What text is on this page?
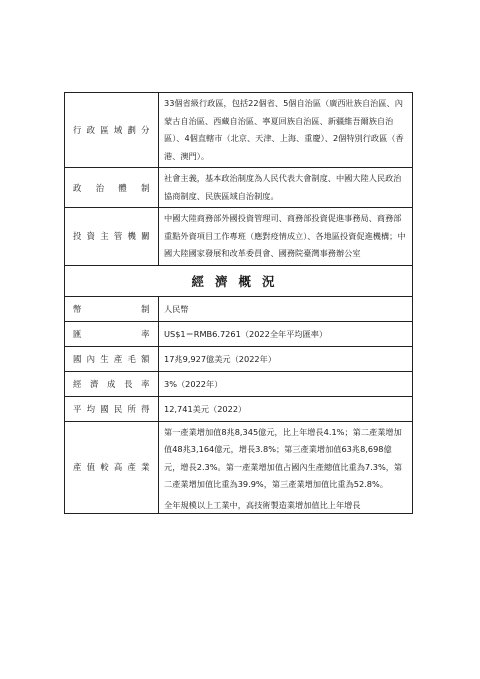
行政區域劃分	33個省級行政區，包括22個省、5個自治區（廣西壯族自治區、內蒙古自治區、西藏自治區、寧夏回族自治區、新疆維吾爾族自治區）、4個直轄市（北京、天津、上海、重慶）、2個特別行政區（香港、澳門）。
政治體制	社會主義，基本政治制度為人民代表大會制度、中國大陸人民政治協商制度、民族區域自治制度。
投資主管機關	中國大陸商務部外國投資管理司、商務部投資促進事務局、商務部重點外資項目工作專班（應對疫情成立）、各地區投資促進機構；中國大陸國家發展和改革委員會、國務院臺灣事務辦公室
經濟概況	
幣制	人民幣
匯率	US$1＝RMB6.7261（2022全年平均匯率）
國內生產毛額	17兆9,927億美元（2022年）
經濟成長率	3%（2022年）
平均國民所得	12,741美元（2022）
產值較高產業	第一產業增加值8兆8,345億元，比上年增長4.1%；第二產業增加值48兆3,164億元，增長3.8%；第三產業增加值63兆8,698億元，增長2.3%。第一產業增加值占國內生產總值比重為7.3%，第二產業增加值比重為39.9%，第三產業增加值比重為52.8%。
全年規模以上工業中，高技術製造業增加值比上年增長
